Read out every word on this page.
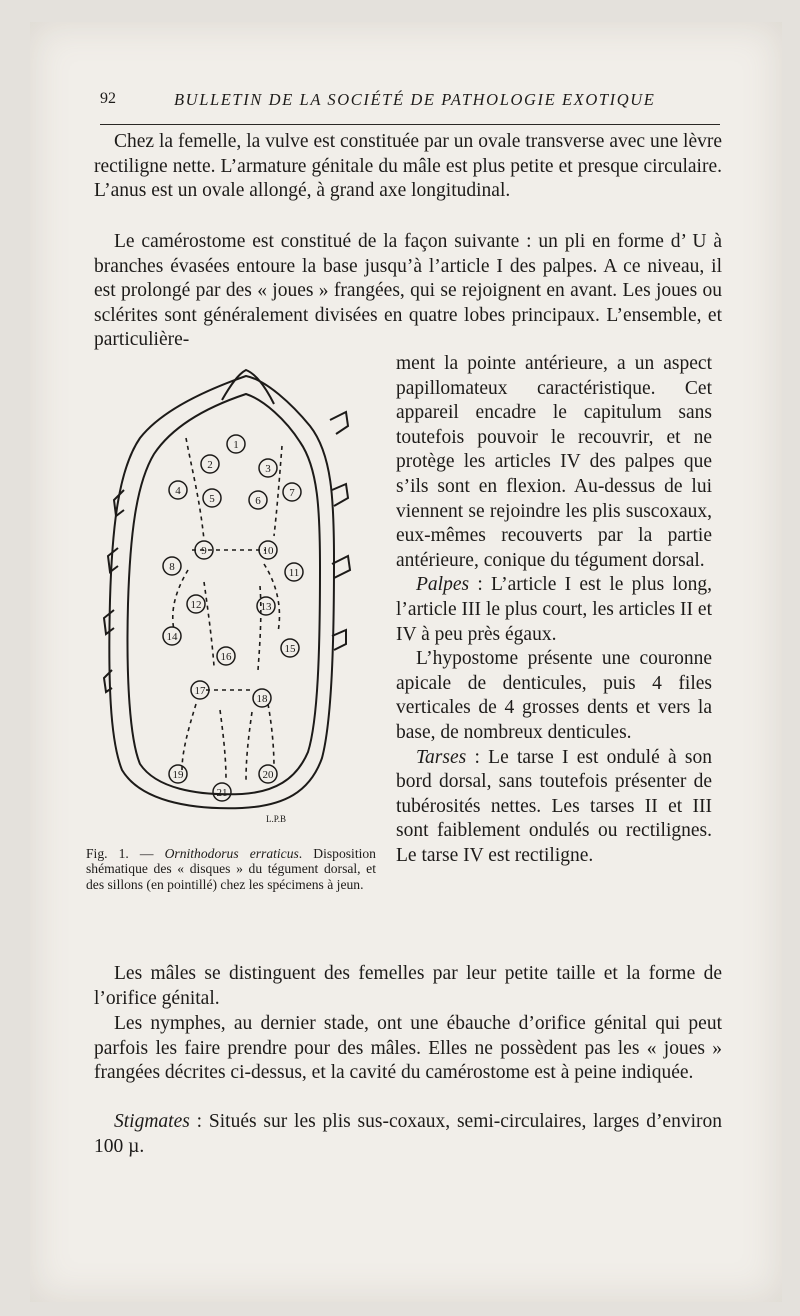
92	BULLETIN DE LA SOCIÉTÉ DE PATHOLOGIE EXOTIQUE

Chez la femelle, la vulve est constituée par un ovale transverse avec une lèvre rectiligne nette. L’armature génitale du mâle est plus petite et presque circulaire. L’anus est un ovale allongé, à grand axe longitudinal.

Le camérostome est constitué de la façon suivante : un pli en forme d’ U à branches évasées entoure la base jusqu’à l’article I des palpes. A ce niveau, il est prolongé par des « joues » frangées, qui se rejoignent en avant. Les joues ou sclérites sont généralement divisées en quatre lobes principaux. L’ensemble, et particulière-

ment la pointe antérieure, a un aspect papillomateux caractéristique. Cet appareil encadre le capitulum sans toutefois pouvoir le recouvrir, et ne protège les articles IV des palpes que s’ils sont en flexion. Au-dessus de lui viennent se rejoindre les plis suscoxaux, eux-mêmes recouverts par la partie antérieure, conique du tégument dorsal.

Palpes : L’article I est le plus long, l’article III le plus court, les articles II et IV à peu près égaux.

L’hypostome présente une couronne apicale de denticules, puis 4 files verticales de 4 grosses dents et vers la base, de nombreux denticules.

Tarses : Le tarse I est ondulé à son bord dorsal, sans toutefois présenter de tubérosités nettes. Les tarses II et III sont faiblement ondulés ou rectilignes. Le tarse IV est rectiligne.

1
2	3
4
5	6
7
8
9	10
11
12	13
14
15
16
17
18
19	20
21
L.P.B
Fig. 1. — Ornithodorus erraticus. Disposition shématique des « disques » du tégument dorsal, et des sillons (en pointillé) chez les spécimens à jeun.

Les mâles se distinguent des femelles par leur petite taille et la forme de l’orifice génital.

Les nymphes, au dernier stade, ont une ébauche d’orifice génital qui peut parfois les faire prendre pour des mâles. Elles ne possèdent pas les « joues » frangées décrites ci-dessus, et la cavité du camérostome est à peine indiquée.

Stigmates : Situés sur les plis sus-coxaux, semi-circulaires, larges d’environ 100 µ.
